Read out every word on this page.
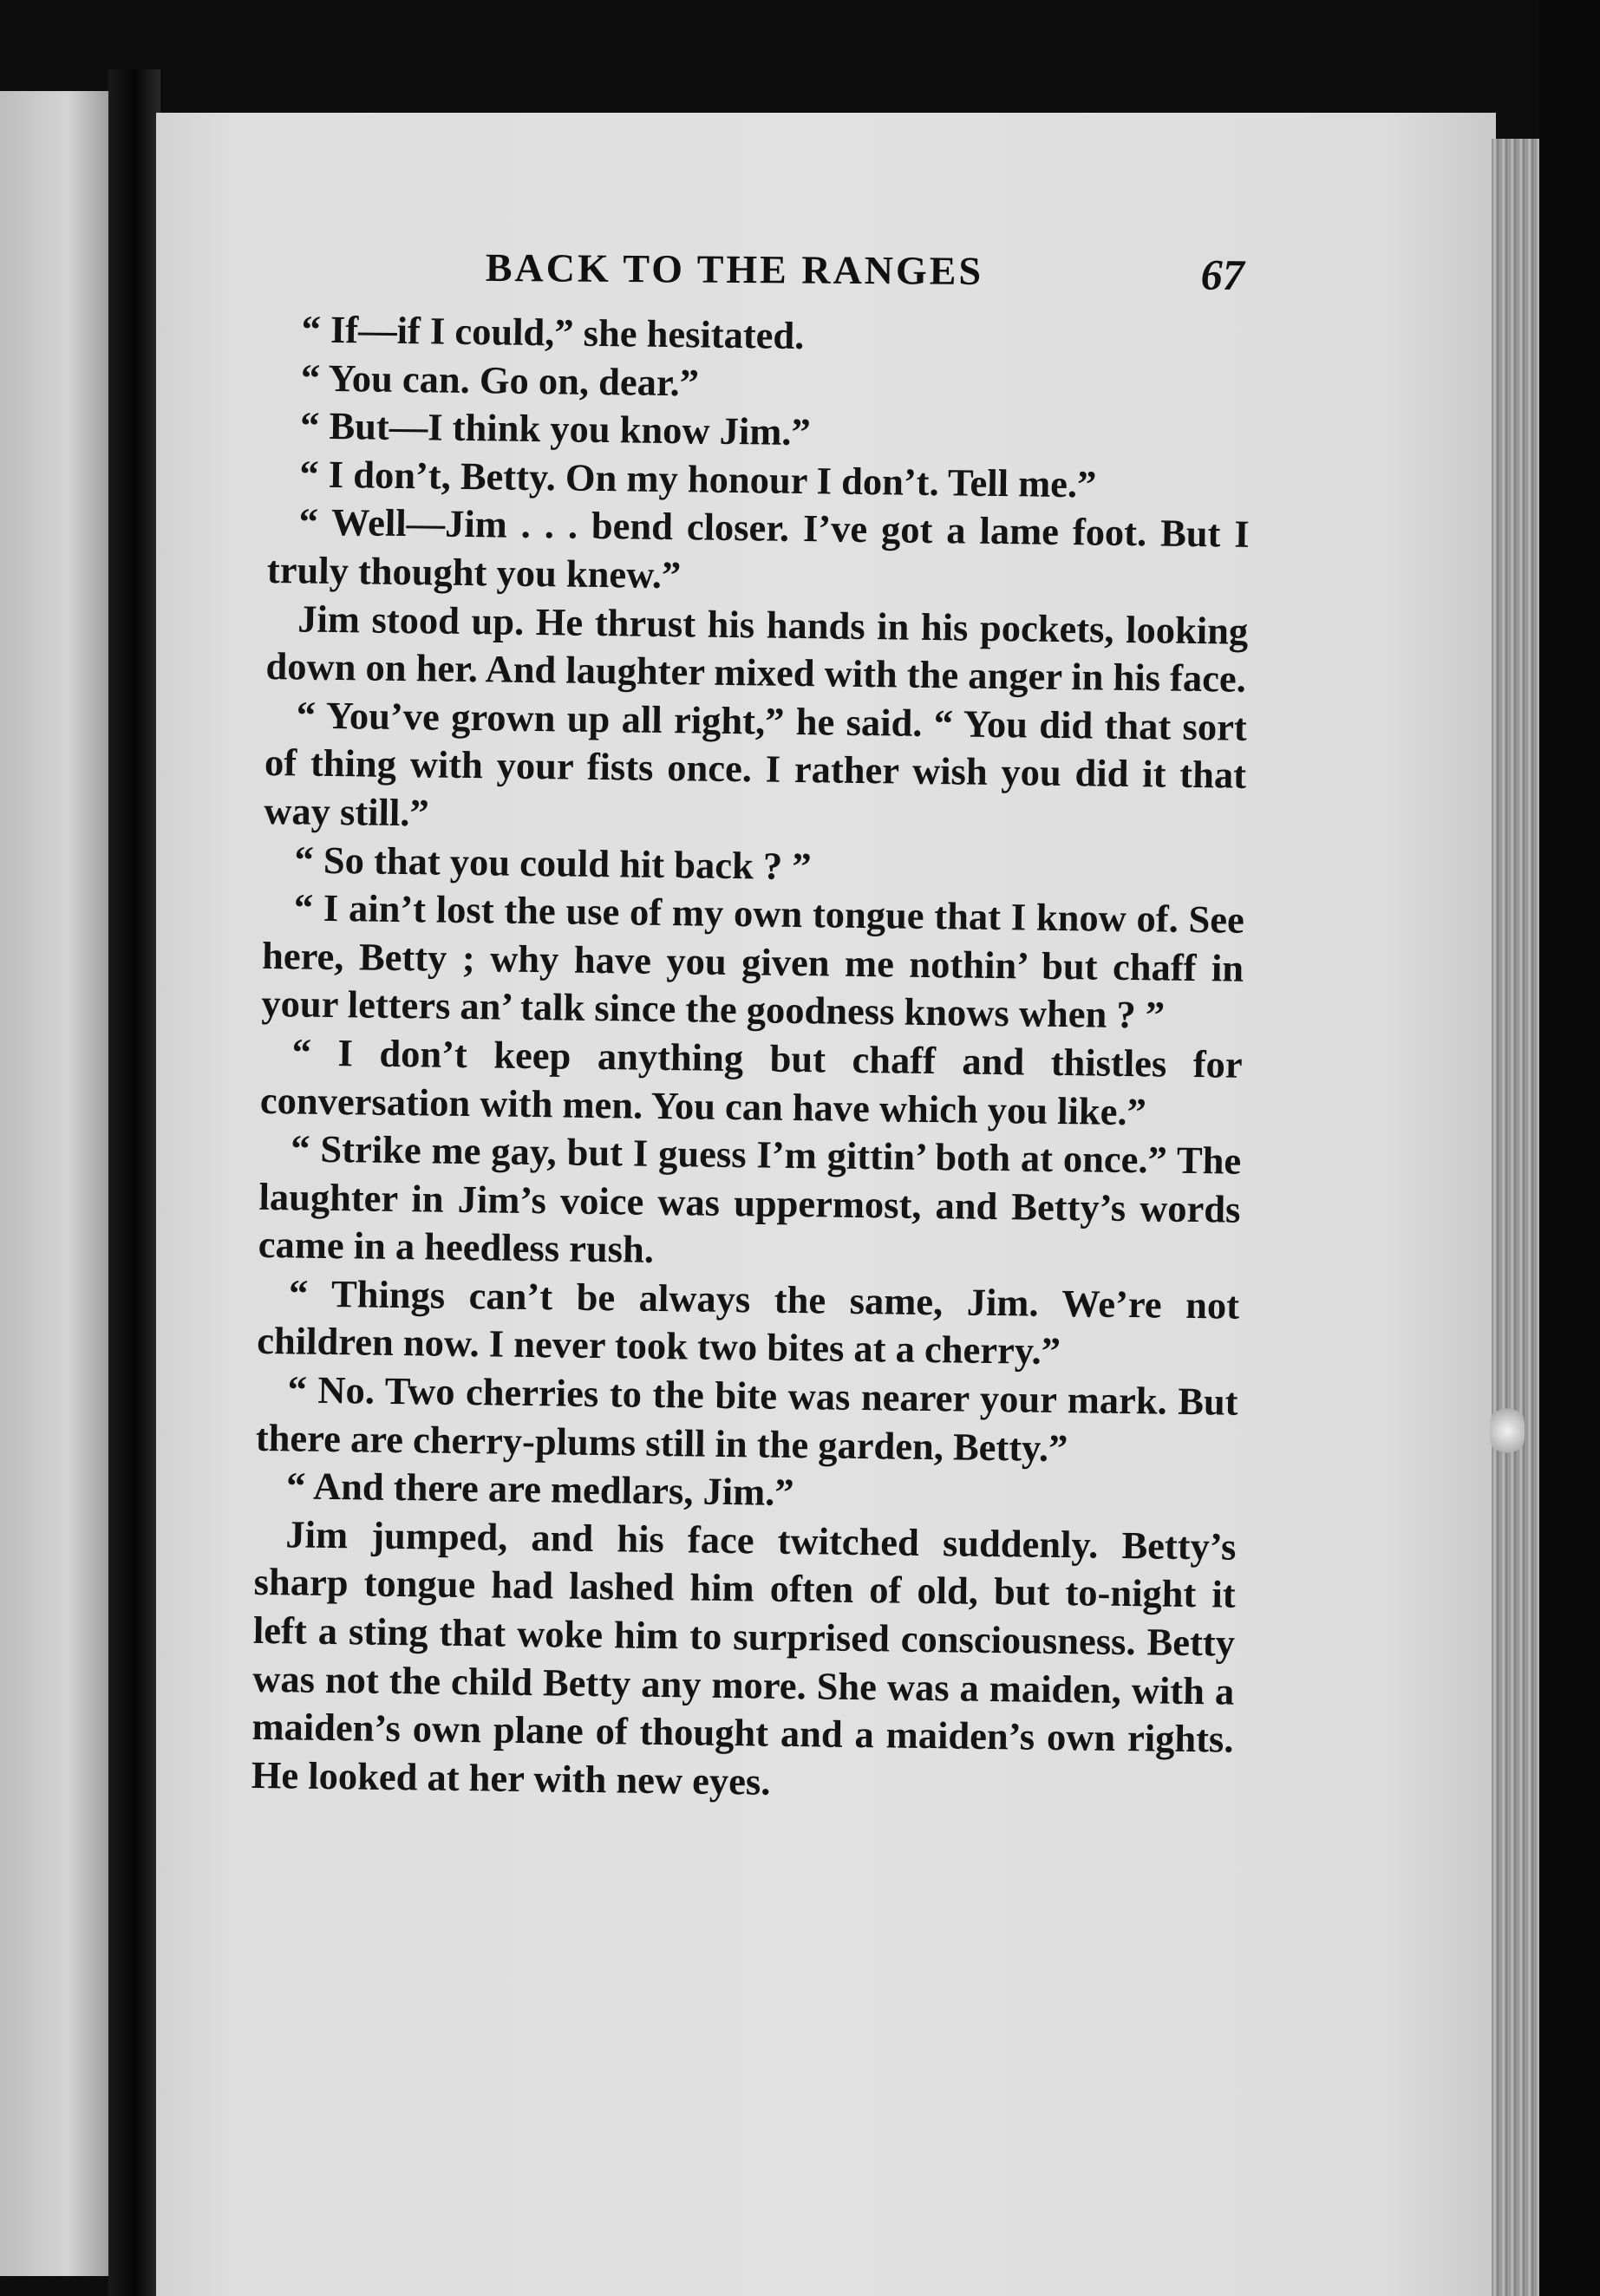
BACK TO THE RANGES	67

“ If—if I could,” she hesitated.

“ You can. Go on, dear.”

“ But—I think you know Jim.”

“ I don’t, Betty. On my honour I don’t. Tell me.”

“ Well—Jim . . . bend closer. I’ve got a lame foot. But I truly thought you knew.”

Jim stood up. He thrust his hands in his pockets, looking down on her. And laughter mixed with the anger in his face.

“ You’ve grown up all right,” he said. “ You did that sort of thing with your fists once. I rather wish you did it that way still.”

“ So that you could hit back ? ”

“ I ain’t lost the use of my own tongue that I know of. See here, Betty ; why have you given me nothin’ but chaff in your letters an’ talk since the goodness knows when ? ”

“ I don’t keep anything but chaff and thistles for conversation with men. You can have which you like.”

“ Strike me gay, but I guess I’m gittin’ both at once.” The laughter in Jim’s voice was uppermost, and Betty’s words came in a heedless rush.

“ Things can’t be always the same, Jim. We’re not children now. I never took two bites at a cherry.”

“ No. Two cherries to the bite was nearer your mark. But there are cherry-plums still in the garden, Betty.”

“ And there are medlars, Jim.”

Jim jumped, and his face twitched suddenly. Betty’s sharp tongue had lashed him often of old, but to-night it left a sting that woke him to surprised consciousness. Betty was not the child Betty any more. She was a maiden, with a maiden’s own plane of thought and a maiden’s own rights. He looked at her with new eyes.
